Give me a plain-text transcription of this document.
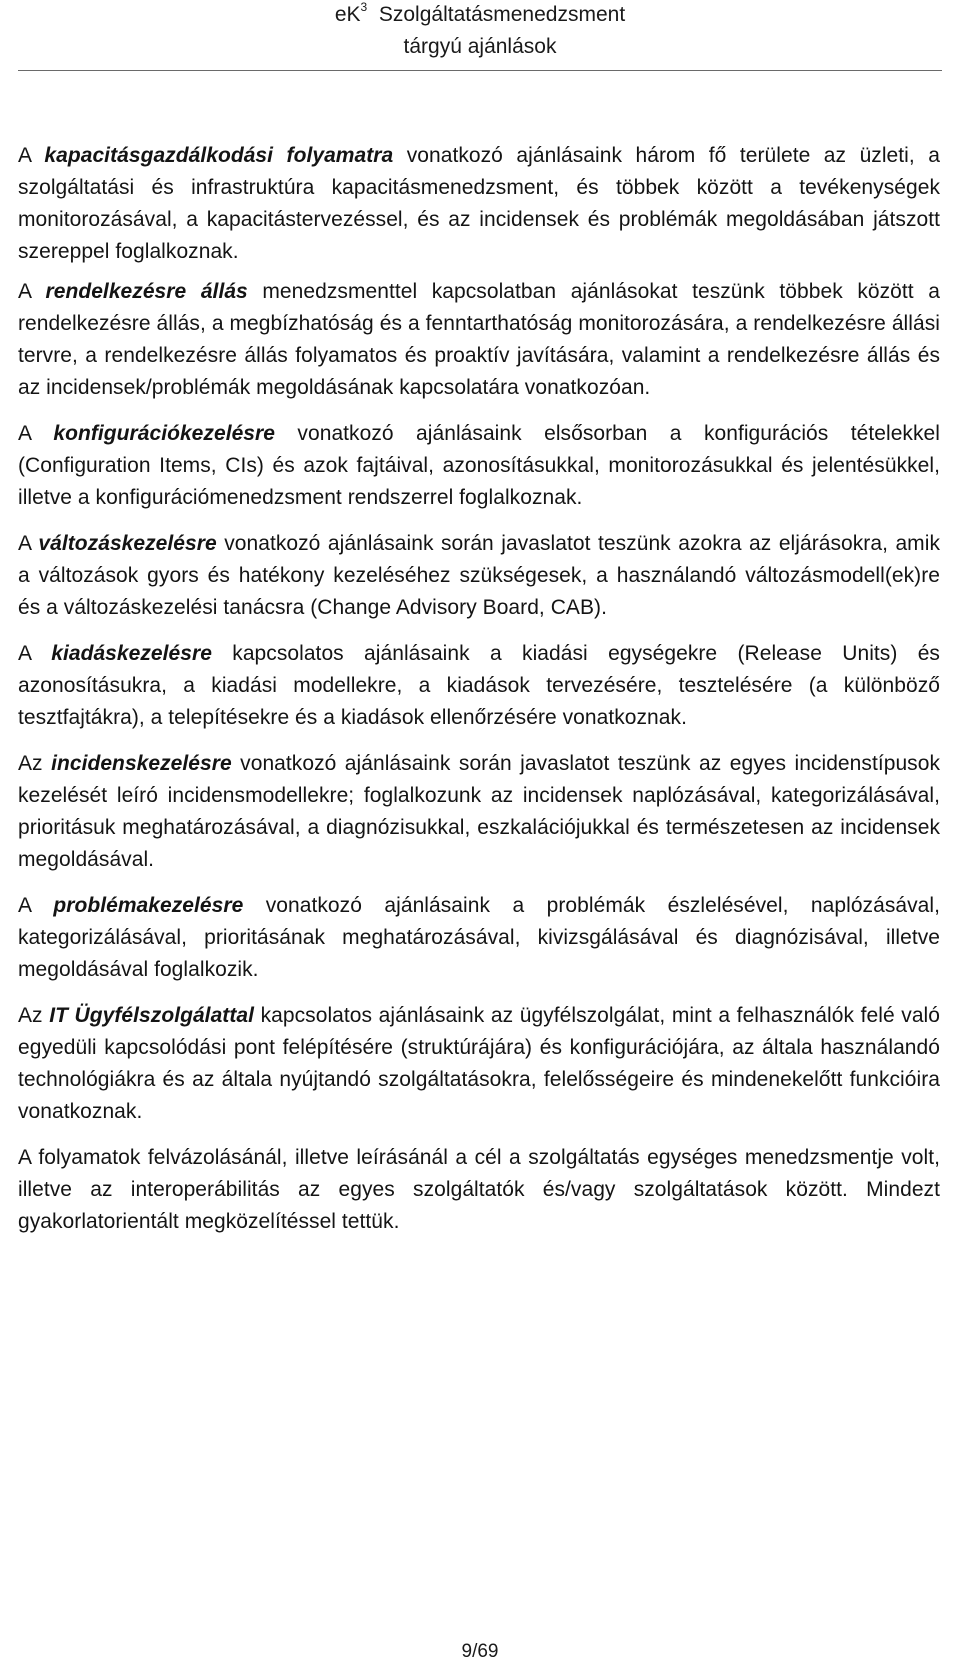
$eK^3$ Szolgáltatásmenedzsment
tárgyú ajánlások

A kapacitásgazdálkodási folyamatra vonatkozó ajánlásaink három fő területe az üzleti, a szolgáltatási és infrastruktúra kapacitásmenedzsment, és többek között a tevékenységek monitorozásával, a kapacitástervezéssel, és az incidensek és problémák megoldásában játszott szereppel foglalkoznak.

A rendelkezésre állás menedzsmenttel kapcsolatban ajánlásokat teszünk többek között a rendelkezésre állás, a megbízhatóság és a fenntarthatóság monitorozására, a rendelkezésre állási tervre, a rendelkezésre állás folyamatos és proaktív javítására, valamint a rendelkezésre állás és az incidensek/problémák megoldásának kapcsolatára vonatkozóan.

A konfigurációkezelésre vonatkozó ajánlásaink elsősorban a konfigurációs tételekkel (Configuration Items, CIs) és azok fajtáival, azonosításukkal, monitorozásukkal és jelentésükkel, illetve a konfigurációmenedzsment rendszerrel foglalkoznak.

A változáskezelésre vonatkozó ajánlásaink során javaslatot teszünk azokra az eljárásokra, amik a változások gyors és hatékony kezeléséhez szükségesek, a használandó változásmodell(ek)re és a változáskezelési tanácsra (Change Advisory Board, CAB).

A kiadáskezelésre kapcsolatos ajánlásaink a kiadási egységekre (Release Units) és azonosításukra, a kiadási modellekre, a kiadások tervezésére, tesztelésére (a különböző tesztfajtákra), a telepítésekre és a kiadások ellenőrzésére vonatkoznak.

Az incidenskezelésre vonatkozó ajánlásaink során javaslatot teszünk az egyes incidenstípusok kezelését leíró incidensmodellekre; foglalkozunk az incidensek naplózásával, kategorizálásával, prioritásuk meghatározásával, a diagnózisukkal, eszkalációjukkal és természetesen az incidensek megoldásával.

A problémakezelésre vonatkozó ajánlásaink a problémák észlelésével, naplózásával, kategorizálásával, prioritásának meghatározásával, kivizsgálásával és diagnózisával, illetve megoldásával foglalkozik.

Az IT Ügyfélszolgálattal kapcsolatos ajánlásaink az ügyfélszolgálat, mint a felhasználók felé való egyedüli kapcsolódási pont felépítésére (struktúrájára) és konfigurációjára, az általa használandó technológiákra és az általa nyújtandó szolgáltatásokra, felelősségeire és mindenekelőtt funkcióira vonatkoznak.

A folyamatok felvázolásánál, illetve leírásánál a cél a szolgáltatás egységes menedzsmentje volt, illetve az interoperábilitás az egyes szolgáltatók és/vagy szolgáltatások között. Mindezt gyakorlatorientált megközelítéssel tettük.

9/69
